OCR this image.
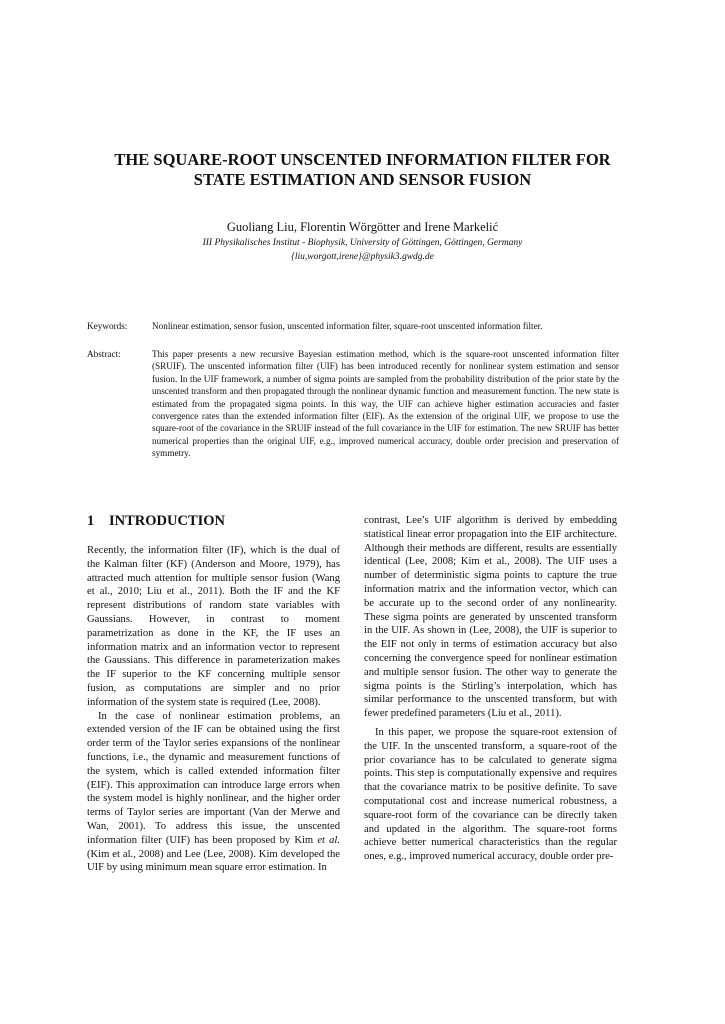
THE SQUARE-ROOT UNSCENTED INFORMATION FILTER FOR
STATE ESTIMATION AND SENSOR FUSION

Guoliang Liu, Florentin Wörgötter and Irene Markelić

III Physikalisches Institut - Biophysik, University of Göttingen, Göttingen, Germany

{liu,worgott,irene}@physik3.gwdg.de

Keywords:	Nonlinear estimation, sensor fusion, unscented information filter, square-root unscented information filter.
Abstract:	This paper presents a new recursive Bayesian estimation method, which is the square-root unscented information filter (SRUIF). The unscented information filter (UIF) has been introduced recently for nonlinear system estimation and sensor fusion. In the UIF framework, a number of sigma points are sampled from the probability distribution of the prior state by the unscented transform and then propagated through the nonlinear dynamic function and measurement function. The new state is estimated from the propagated sigma points. In this way, the UIF can achieve higher estimation accuracies and faster convergence rates than the extended information filter (EIF). As the extension of the original UIF, we propose to use the square-root of the covariance in the SRUIF instead of the full covariance in the UIF for estimation. The new SRUIF has better numerical properties than the original UIF, e.g., improved numerical accuracy, double order precision and preservation of symmetry.

1 INTRODUCTION

Recently, the information filter (IF), which is the dual of the Kalman filter (KF) (Anderson and Moore, 1979), has attracted much attention for multiple sensor fusion (Wang et al., 2010; Liu et al., 2011). Both the IF and the KF represent distributions of random state variables with Gaussians. However, in contrast to moment parametrization as done in the KF, the IF uses an information matrix and an information vector to represent the Gaussians. This difference in parameterization makes the IF superior to the KF concerning multiple sensor fusion, as computations are simpler and no prior information of the system state is required (Lee, 2008).

In the case of nonlinear estimation problems, an extended version of the IF can be obtained using the first order term of the Taylor series expansions of the nonlinear functions, i.e., the dynamic and measurement functions of the system, which is called extended information filter (EIF). This approximation can introduce large errors when the system model is highly nonlinear, and the higher order terms of Taylor series are important (Van der Merwe and Wan, 2001). To address this issue, the unscented information filter (UIF) has been proposed by Kim et al. (Kim et al., 2008) and Lee (Lee, 2008). Kim developed the UIF by using minimum mean square error estimation. In

contrast, Lee’s UIF algorithm is derived by embedding statistical linear error propagation into the EIF architecture. Although their methods are different, results are essentially identical (Lee, 2008; Kim et al., 2008). The UIF uses a number of deterministic sigma points to capture the true information matrix and the information vector, which can be accurate up to the second order of any nonlinearity. These sigma points are generated by unscented transform in the UIF. As shown in (Lee, 2008), the UIF is superior to the EIF not only in terms of estimation accuracy but also concerning the convergence speed for nonlinear estimation and multiple sensor fusion. The other way to generate the sigma points is the Stirling’s interpolation, which has similar performance to the unscented transform, but with fewer predefined parameters (Liu et al., 2011).

In this paper, we propose the square-root extension of the UIF. In the unscented transform, a square-root of the prior covariance has to be calculated to generate sigma points. This step is computationally expensive and requires that the covariance matrix to be positive definite. To save computational cost and increase numerical robustness, a square-root form of the covariance can be directly taken and updated in the algorithm. The square-root forms achieve better numerical characteristics than the regular ones, e.g., improved numerical accuracy, double order pre-
